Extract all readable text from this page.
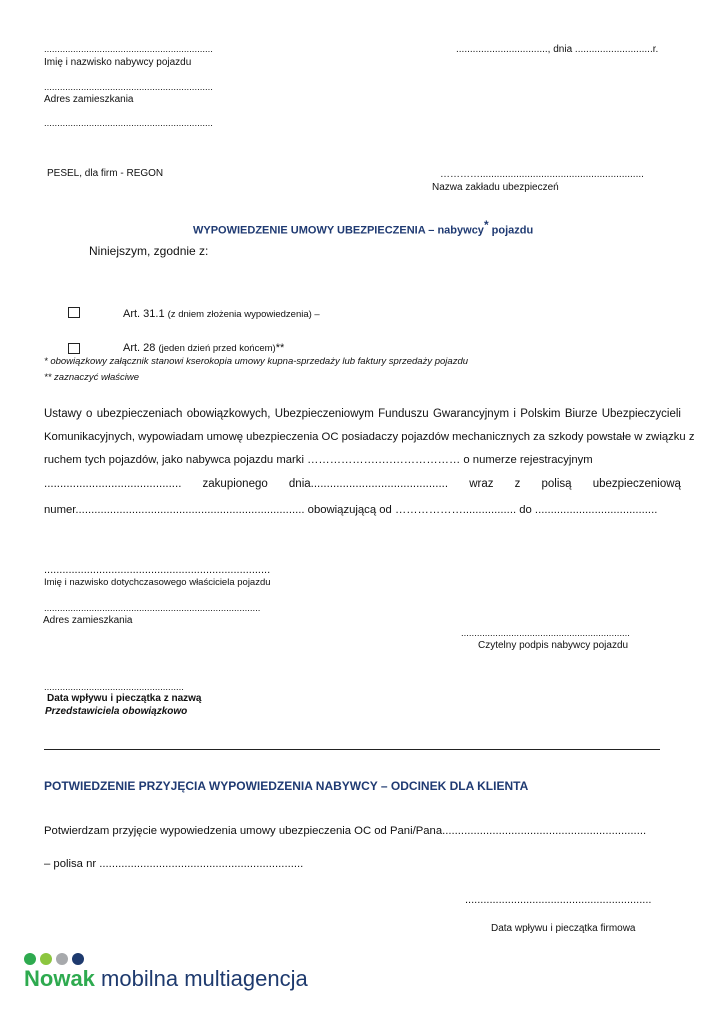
................................................................
Imię i nazwisko nabywcy pojazdu
................................., dnia ............................r.
................................................................
Adres zamieszkania
................................................................
PESEL, dla firm - REGON	…………...........................................................
Nazwa zakładu ubezpieczeń
WYPOWIEDZENIE UMOWY UBEZPIECZENIA – nabywcy* pojazdu
Niniejszym, zgodnie z:
Art. 31.1 (z dniem złożenia wypowiedzenia) –
Art. 28 (jeden dzień przed końcem)**
* obowiązkowy załącznik stanowi kserokopia umowy kupna-sprzedaży lub faktury sprzedaży pojazdu
** zaznaczyć właściwe
Ustawy o ubezpieczeniach obowiązkowych, Ubezpieczeniowym Funduszu Gwarancyjnym i Polskim Biurze Ubezpieczycieli
Komunikacyjnych, wypowiadam umowę ubezpieczenia OC posiadaczy pojazdów mechanicznych za szkody powstałe w związku z
ruchem tych pojazdów, jako nabywca pojazdu marki ……………….….……………… o numerze rejestracyjnym
........................................... zakupionego dnia........................................... wraz z polisą ubezpieczeniową
numer......................................................................... obowiązującą od ………………................. do .......................................
..........................................................................
Imię i nazwisko dotychczasowego właściciela pojazdu
..................................................................................
Adres zamieszkania
................................................................
Czytelny podpis nabywcy pojazdu
.....................................................
Data wpływu i pieczątka z nazwą
Przedstawiciela obowiązkowo
POTWIEDZENIE PRZYJĘCIA WYPOWIEDZENIA NABYWCY – ODCINEK DLA KLIENTA
Potwierdzam przyjęcie wypowiedzenia umowy ubezpieczenia OC od Pani/Pana.................................................................
– polisa nr .................................................................
.............................................................
Data wpływu i pieczątka firmowa
Nowak mobilna multiagencja
